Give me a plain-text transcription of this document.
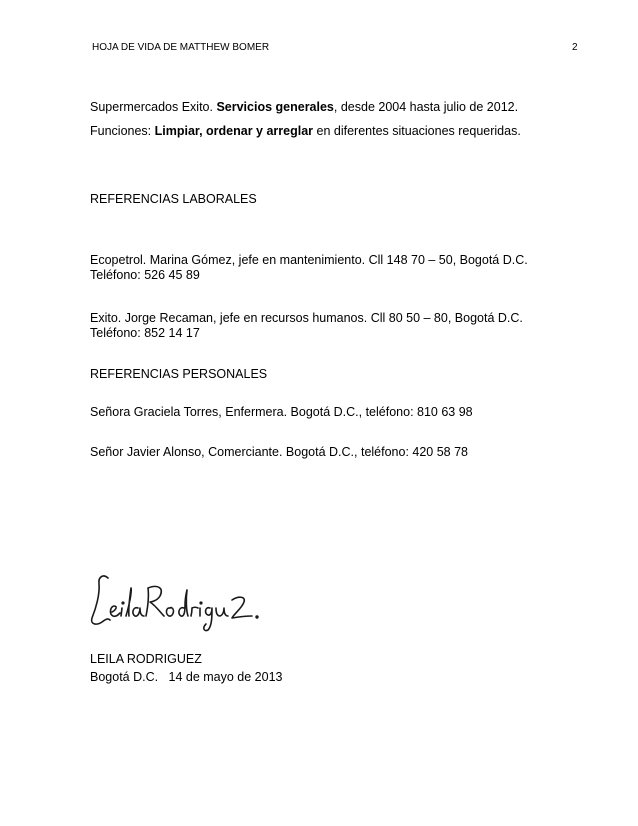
HOJA DE VIDA DE MATTHEW BOMER	2
Supermercados Exito. Servicios generales, desde 2004 hasta julio de 2012.
Funciones: Limpiar, ordenar y arreglar en diferentes situaciones requeridas.
REFERENCIAS LABORALES
Ecopetrol. Marina Gómez, jefe en mantenimiento. Cll 148 70 – 50, Bogotá D.C.
Teléfono: 526 45 89
Exito. Jorge Recaman, jefe en recursos humanos. Cll 80 50 – 80, Bogotá D.C.
Teléfono: 852 14 17
REFERENCIAS PERSONALES
Señora Graciela Torres, Enfermera. Bogotá D.C., teléfono: 810 63 98
Señor Javier Alonso, Comerciante. Bogotá D.C., teléfono: 420 58 78
LEILA RODRIGUEZ
Bogotá D.C.   14 de mayo de 2013
